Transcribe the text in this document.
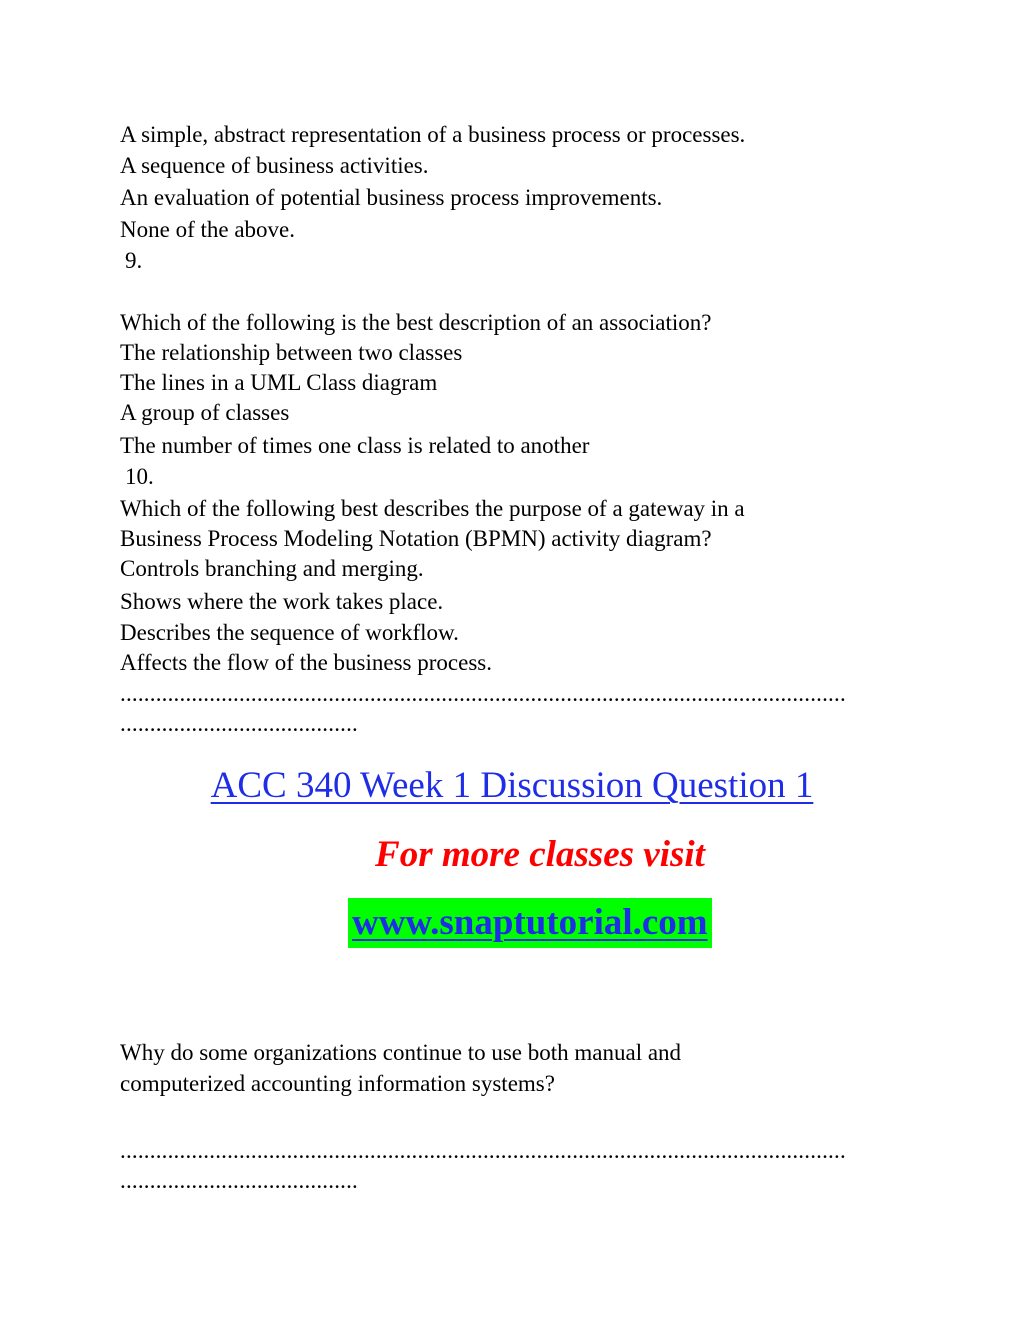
A simple, abstract representation of a business process or processes.
A sequence of business activities.
An evaluation of potential business process improvements.
None of the above.
9.
Which of the following is the best description of an association?
The relationship between two classes
The lines in a UML Class diagram
A group of classes
The number of times one class is related to another
10.
Which of the following best describes the purpose of a gateway in a
Business Process Modeling Notation (BPMN) activity diagram?
Controls branching and merging.
Shows where the work takes place.
Describes the sequence of workflow.
Affects the flow of the business process.
..........................................................................................................................
........................................
ACC 340 Week 1 Discussion Question 1
For more classes visit
www.snaptutorial.com
Why do some organizations continue to use both manual and
computerized accounting information systems?
..........................................................................................................................
........................................
